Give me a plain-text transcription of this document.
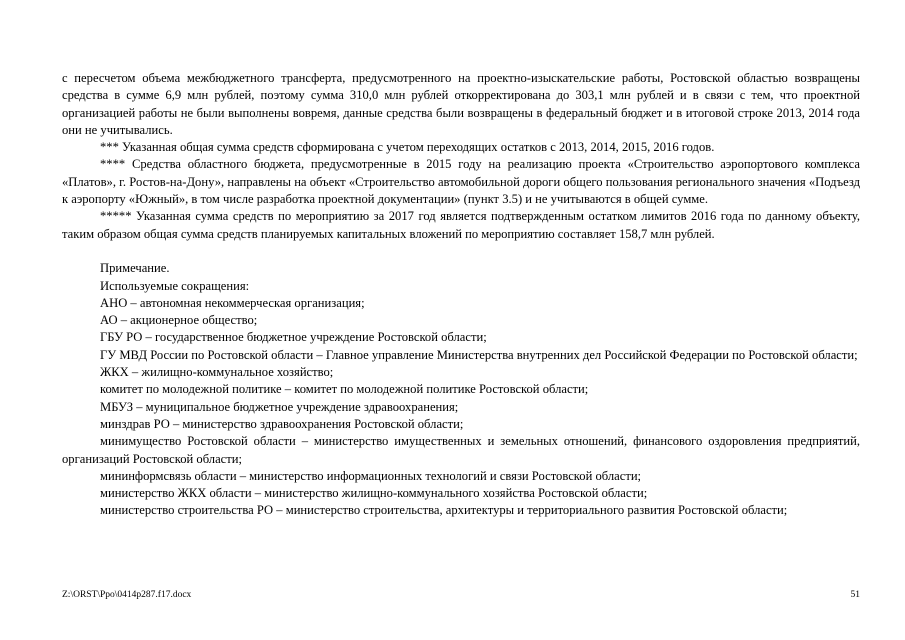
с пересчетом объема межбюджетного трансферта, предусмотренного на проектно-изыскательские работы, Ростовской областью возвращены средства в сумме 6,9 млн рублей, поэтому сумма 310,0 млн рублей откорректирована до 303,1 млн рублей и в связи с тем, что проектной организацией работы не были выполнены вовремя, данные средства были возвращены в федеральный бюджет и в итоговой строке 2013, 2014 года они не учитывались.

*** Указанная общая сумма средств сформирована с учетом переходящих остатков с 2013, 2014, 2015, 2016 годов.

**** Средства областного бюджета, предусмотренные в 2015 году на реализацию проекта «Строительство аэропортового комплекса «Платов», г. Ростов-на-Дону», направлены на объект «Строительство автомобильной дороги общего пользования регионального значения «Подъезд к аэропорту «Южный», в том числе разработка проектной документации» (пункт 3.5) и не учитываются в общей сумме.

***** Указанная сумма средств по мероприятию за 2017 год является подтвержденным остатком лимитов 2016 года по данному объекту, таким образом общая сумма средств планируемых капитальных вложений по мероприятию составляет 158,7 млн рублей.

Примечание.

Используемые сокращения:

АНО – автономная некоммерческая организация;

АО – акционерное общество;

ГБУ РО – государственное бюджетное учреждение Ростовской области;

ГУ МВД России по Ростовской области – Главное управление Министерства внутренних дел Российской Федерации по Ростовской области;

ЖКХ – жилищно-коммунальное хозяйство;

комитет по молодежной политике – комитет по молодежной политике Ростовской области;

МБУЗ – муниципальное бюджетное учреждение здравоохранения;

минздрав РО – министерство здравоохранения Ростовской области;

минимущество Ростовской области – министерство имущественных и земельных отношений, финансового оздоровления предприятий, организаций Ростовской области;

мининформсвязь области – министерство информационных технологий и связи Ростовской области;

министерство ЖКХ области – министерство жилищно-коммунального хозяйства Ростовской области;

министерство строительства РО – министерство строительства, архитектуры и территориального развития Ростовской области;

Z:\ORST\Ppo\0414p287.f17.docx	51
